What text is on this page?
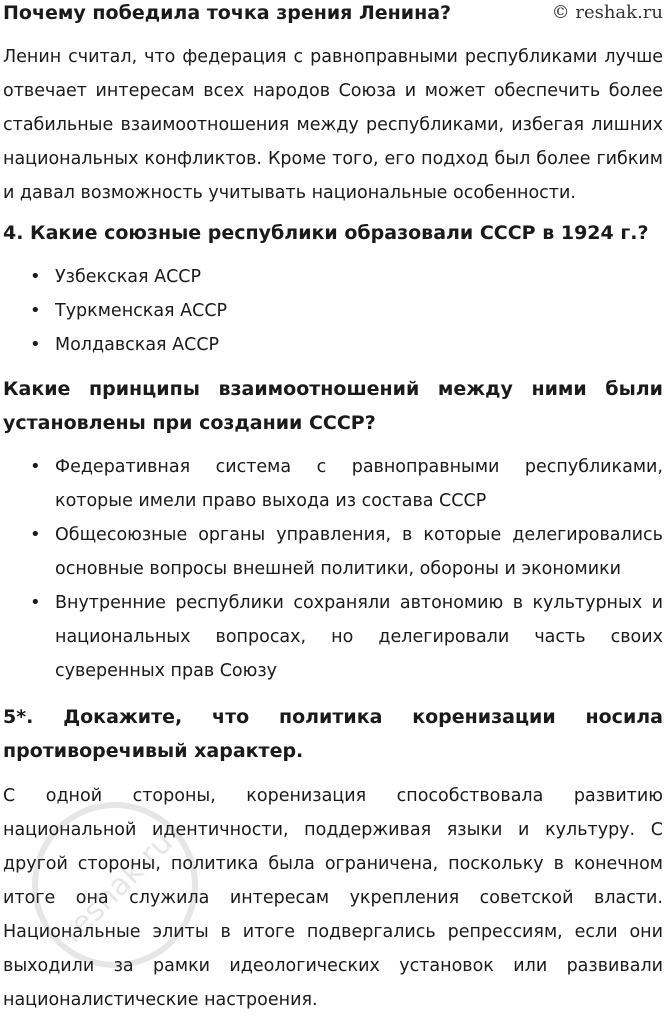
Почему победила точка зрения Ленина?	© reshak.ru

Ленин считал, что федерация с равноправными республиками лучше отвечает интересам всех народов Союза и может обеспечить более стабильные взаимоотношения между республиками, избегая лишних национальных конфликтов. Кроме того, его подход был более гибким и давал возможность учитывать национальные особенности.

4. Какие союзные республики образовали СССР в 1924 г.?
• Узбекская АССР
• Туркменская АССР
• Молдавская АССР
Какие принципы взаимоотношений между ними были установлены при создании СССР?
• Федеративная система с равноправными республиками, которые имели право выхода из состава СССР
• Общесоюзные органы управления, в которые делегировались основные вопросы внешней политики, обороны и экономики
• Внутренние республики сохраняли автономию в культурных и национальных вопросах, но делегировали часть своих суверенных прав Союзу
5*. Докажите, что политика коренизации носила противоречивый характер.

С одной стороны, коренизация способствовала развитию национальной идентичности, поддерживая языки и культуру. С другой стороны, политика была ограничена, поскольку в конечном итоге она служила интересам укрепления советской власти. Национальные элиты в итоге подвергались репрессиям, если они выходили за рамки идеологических установок или развивали националистические настроения.

reshak.ru
